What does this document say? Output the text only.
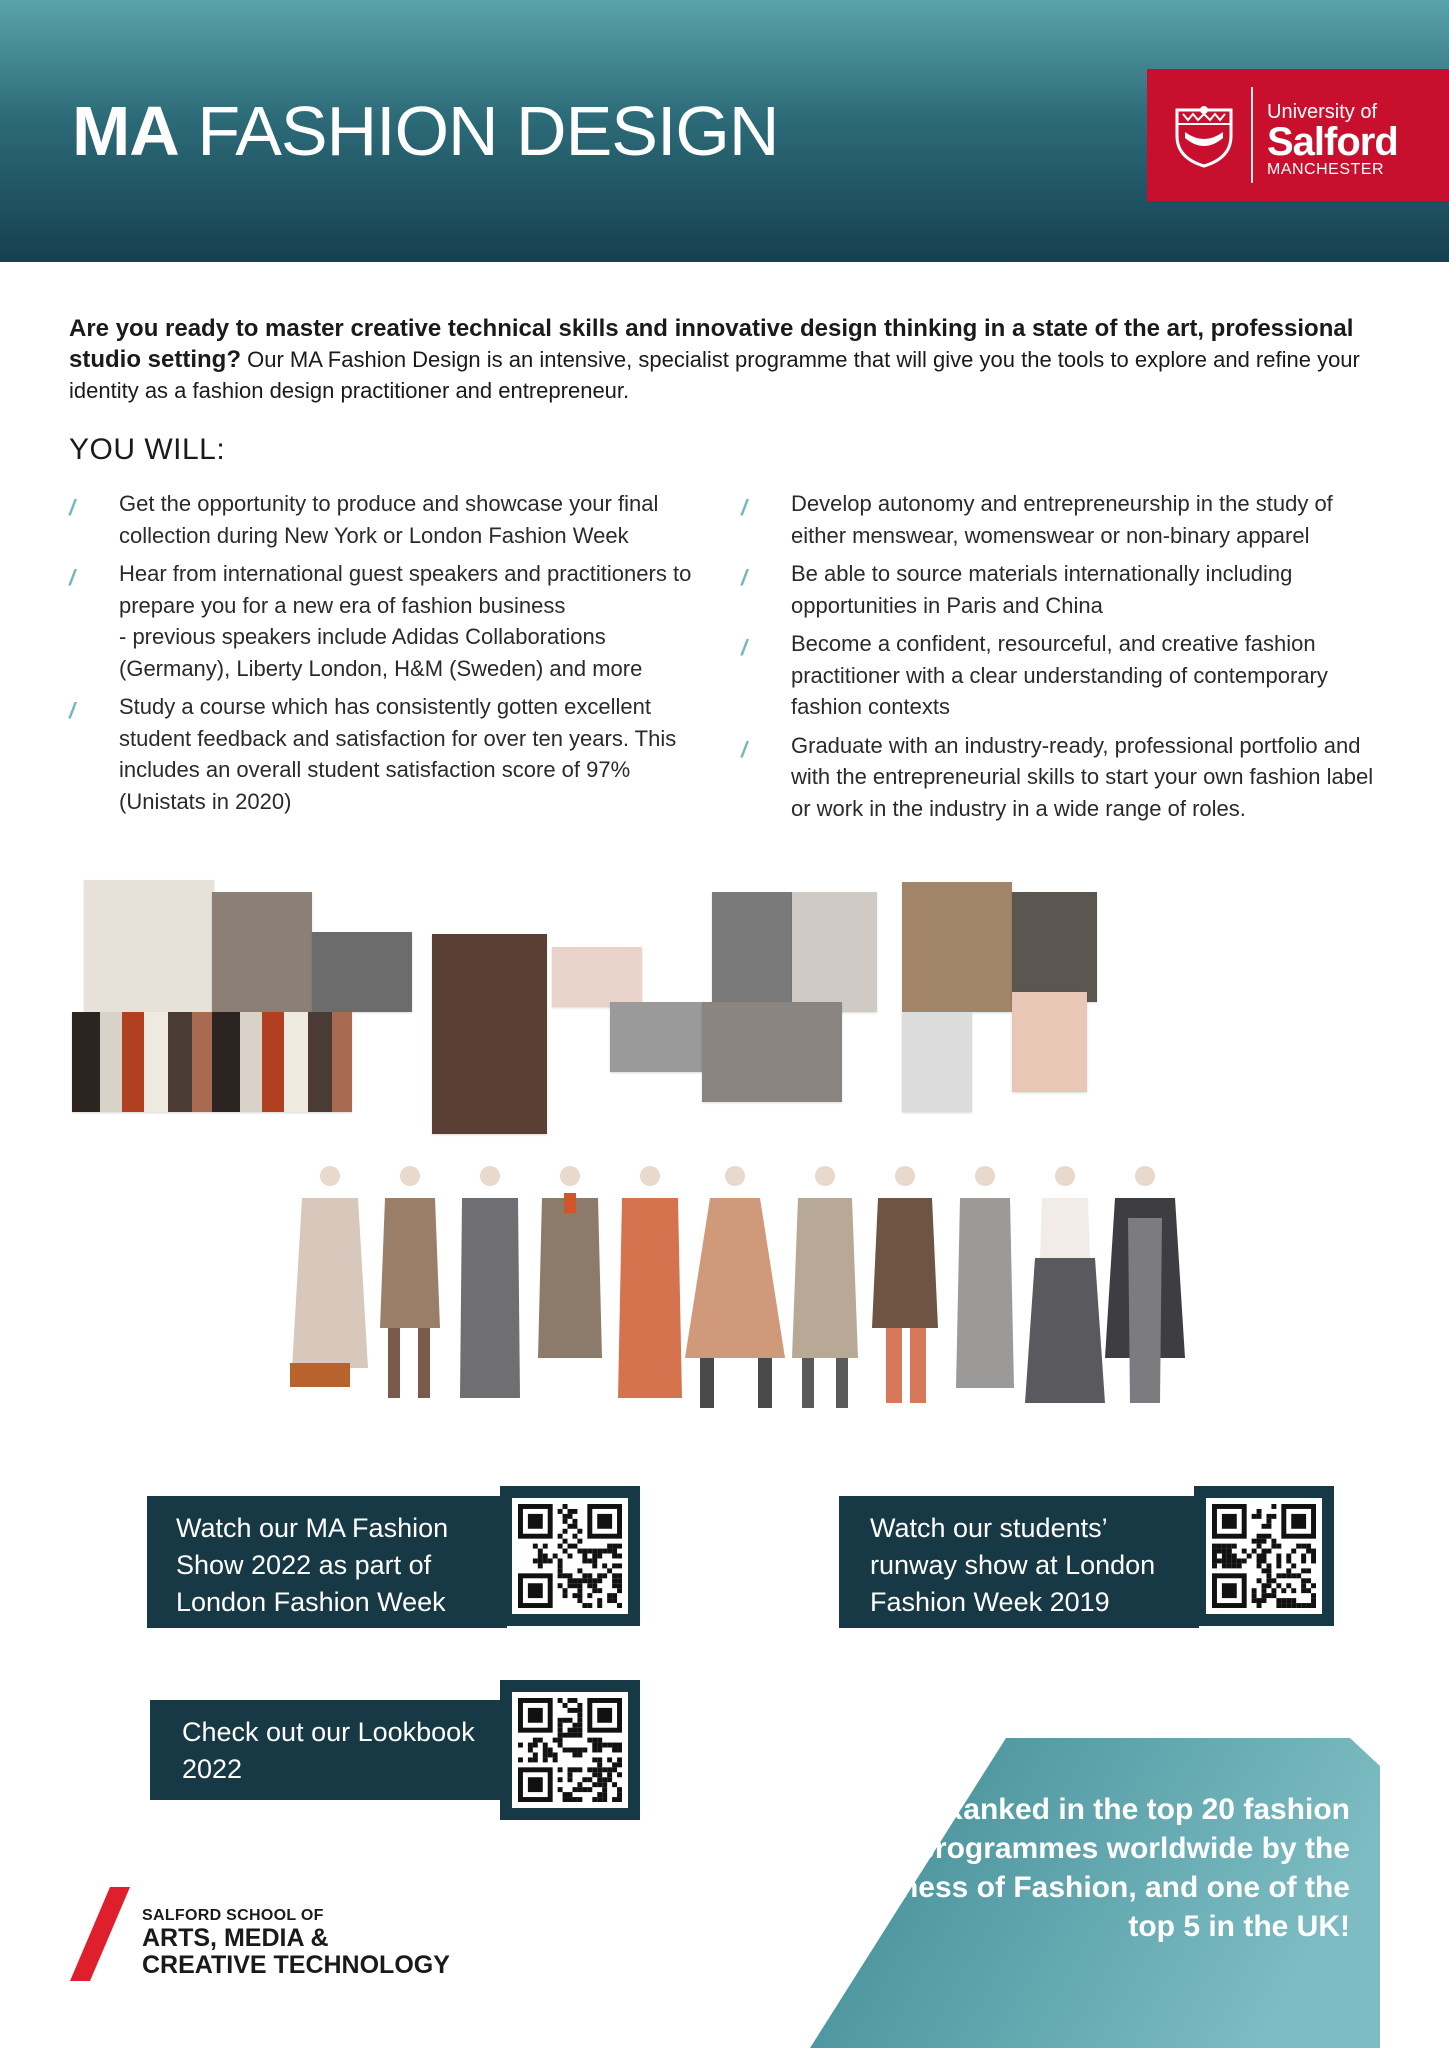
MA FASHION DESIGN	University of
Salford
MANCHESTER
Are you ready to master creative technical skills and innovative design thinking in a state of the art, professional studio setting? Our MA Fashion Design is an intensive, specialist programme that will give you the tools to explore and refine your identity as a fashion design practitioner and entrepreneur.
YOU WILL:
/	Get the opportunity to produce and showcase your final collection during New York or London Fashion Week
/	Hear from international guest speakers and practitioners to prepare you for a new era of fashion business
- previous speakers include Adidas Collaborations (Germany), Liberty London, H&M (Sweden) and more
/	Study a course which has consistently gotten excellent student feedback and satisfaction for over ten years. This includes an overall student satisfaction score of 97% (Unistats in 2020)
/	Develop autonomy and entrepreneurship in the study of either menswear, womenswear or non-binary apparel
/	Be able to source materials internationally including opportunities in Paris and China
/	Become a confident, resourceful, and creative fashion practitioner with a clear understanding of contemporary fashion contexts
/	Graduate with an industry-ready, professional portfolio and with the entrepreneurial skills to start your own fashion label or work in the industry in a wide range of roles.
Watch our MA Fashion Show 2022 as part of London Fashion Week
Watch our students’ runway show at London Fashion Week 2019
Check out our Lookbook 2022
Ranked in the top 20 fashion programmes worldwide by the Business of Fashion, and one of the top 5 in the UK!
SALFORD SCHOOL OF
ARTS, MEDIA &
CREATIVE TECHNOLOGY
